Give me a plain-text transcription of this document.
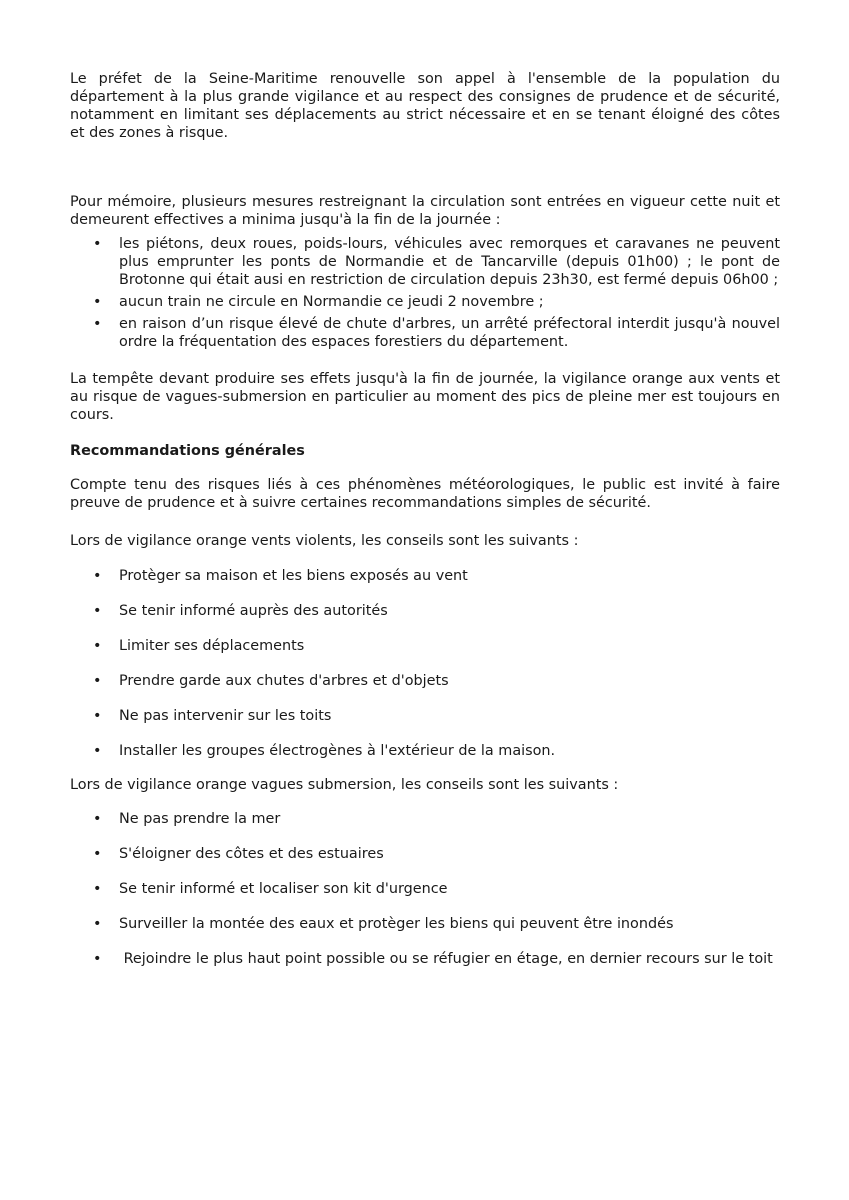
Le préfet de la Seine-Maritime renouvelle son appel à l'ensemble de la population du département à la plus grande vigilance et au respect des consignes de prudence et de sécurité, notamment en limitant ses déplacements au strict nécessaire et en se tenant éloigné des côtes et des zones à risque.

Pour mémoire, plusieurs mesures restreignant la circulation sont entrées en vigueur cette nuit et demeurent effectives a minima jusqu'à la fin de la journée :

• les piétons, deux roues, poids-lours, véhicules avec remorques et caravanes ne peuvent plus emprunter les ponts de Normandie et de Tancarville (depuis 01h00) ; le pont de Brotonne qui était ausi en restriction de circulation depuis 23h30, est fermé depuis 06h00 ;
• aucun train ne circule en Normandie ce jeudi 2 novembre ;
• en raison d’un risque élevé de chute d'arbres, un arrêté préfectoral interdit jusqu'à nouvel ordre la fréquentation des espaces forestiers du département.

La tempête devant produire ses effets jusqu'à la fin de journée, la vigilance orange aux vents et au risque de vagues-submersion en particulier au moment des pics de pleine mer est toujours en cours.

Recommandations générales

Compte tenu des risques liés à ces phénomènes météorologiques, le public est invité à faire preuve de prudence et à suivre certaines recommandations simples de sécurité.

Lors de vigilance orange vents violents, les conseils sont les suivants :

• Protèger sa maison et les biens exposés au vent
• Se tenir informé auprès des autorités
• Limiter ses déplacements
• Prendre garde aux chutes d'arbres et d'objets
• Ne pas intervenir sur les toits
• Installer les groupes électrogènes à l'extérieur de la maison.

Lors de vigilance orange vagues submersion, les conseils sont les suivants :

• Ne pas prendre la mer
• S'éloigner des côtes et des estuaires
• Se tenir informé et localiser son kit d'urgence
• Surveiller la montée des eaux et protèger les biens qui peuvent être inondés
• Rejoindre le plus haut point possible ou se réfugier en étage, en dernier recours sur le toit
